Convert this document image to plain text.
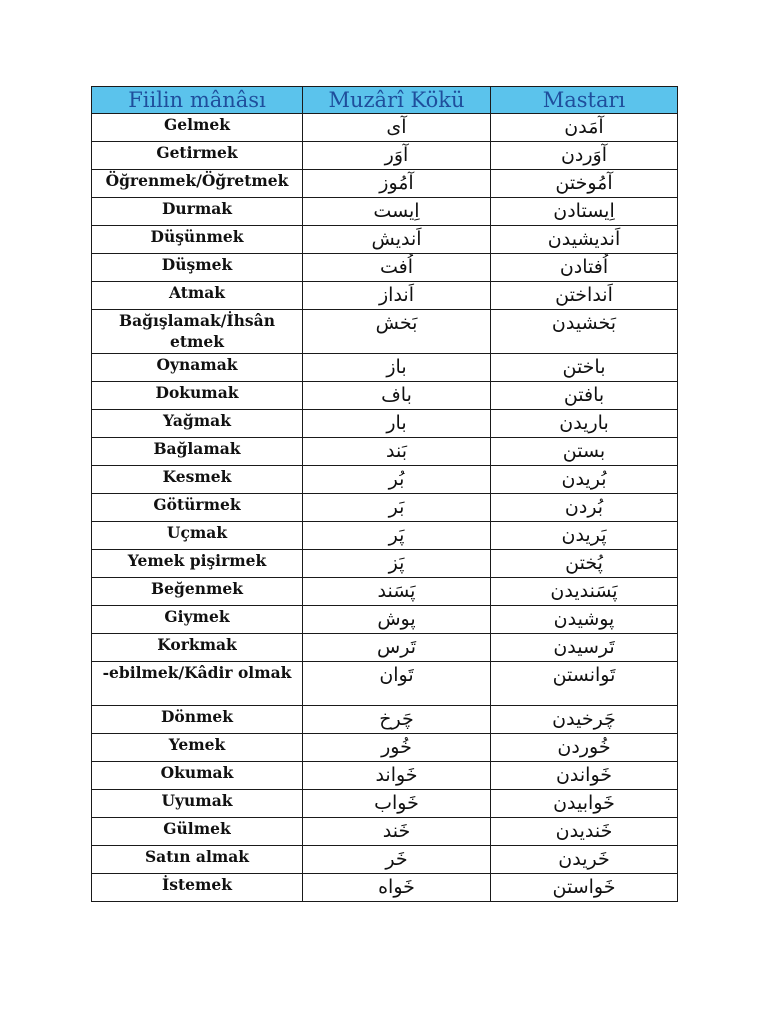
Fiilin mânâsı	Muzârî Kökü	Mastarı
Gelmek	آی	آمَدن
Getirmek	آوَر	آوَردن
Öğrenmek/Öğretmek	آمُوز	آمُوختن
Durmak	اِیست	اِیستادن
Düşünmek	اَندیش	اَندیشیدن
Düşmek	اُفت	اُفتادن
Atmak	اَنداز	اَنداختن
Bağışlamak/İhsân etmek	بَخش	بَخشیدن
Oynamak	باز	باختن
Dokumak	باف	بافتن
Yağmak	بار	باریدن
Bağlamak	بَند	بستن
Kesmek	بُر	بُریدن
Götürmek	بَر	بُردن
Uçmak	پَر	پَریدن
Yemek pişirmek	پَز	پُختن
Beğenmek	پَسَند	پَسَندیدن
Giymek	پوش	پوشیدن
Korkmak	تَرس	تَرسیدن
-ebilmek/Kâdir olmak	تَوان	تَوانستن
Dönmek	چَرخ	چَرخیدن
Yemek	خُور	خُوردن
Okumak	خَواند	خَواندن
Uyumak	خَواب	خَوابیدن
Gülmek	خَند	خَندیدن
Satın almak	خَر	خَریدن
İstemek	خَواه	خَواستن
